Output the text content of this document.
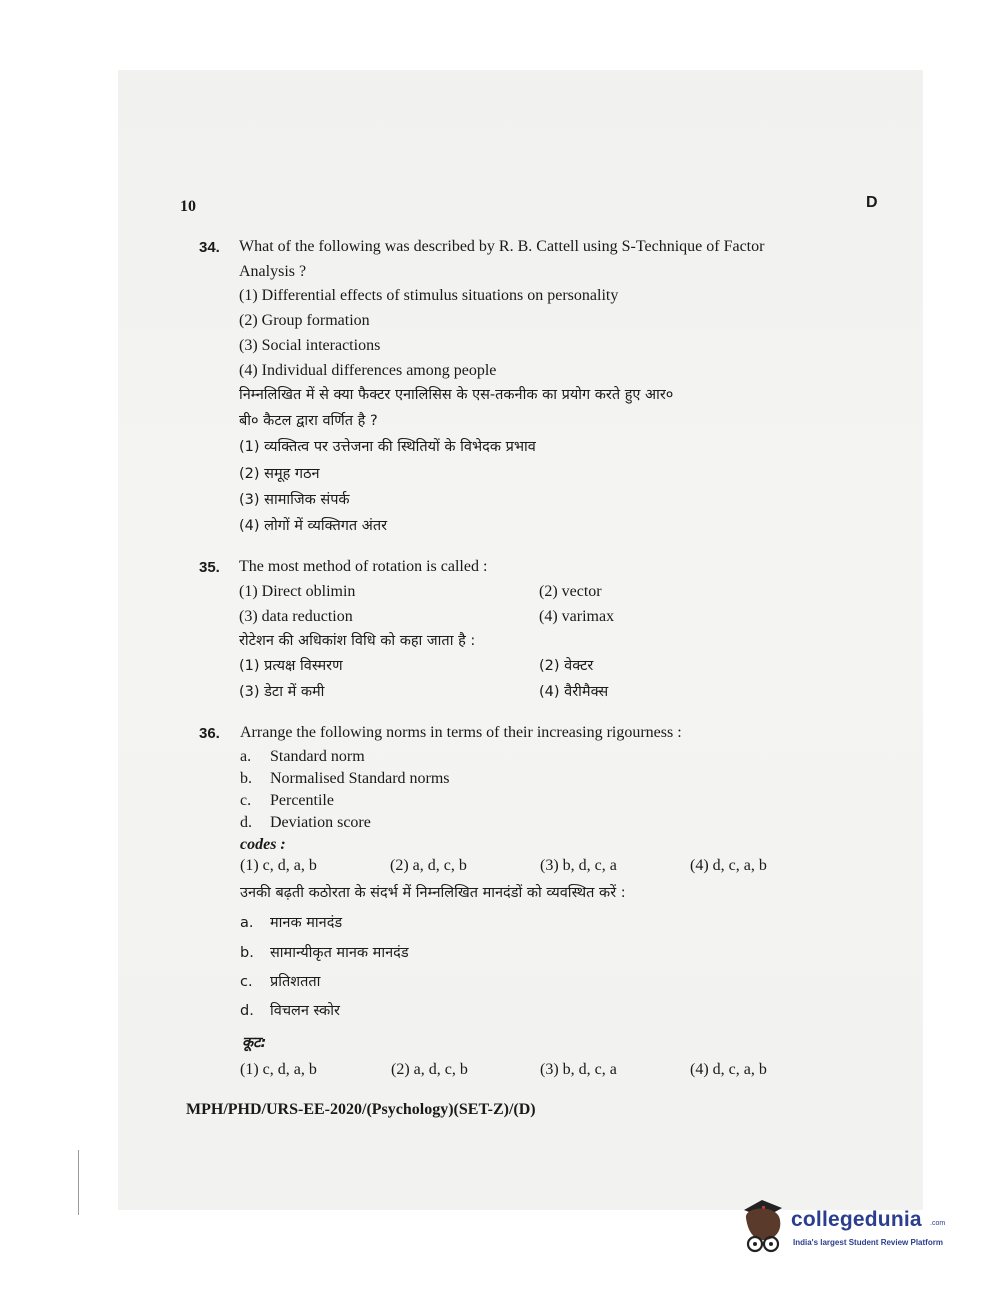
10	D
34. What of the following was described by R. B. Cattell using S-Technique of Factor
Analysis ?
(1) Differential effects of stimulus situations on personality
(2) Group formation
(3) Social interactions
(4) Individual differences among people
निम्नलिखित में से क्या फैक्टर एनालिसिस के एस-तकनीक का प्रयोग करते हुए आर०
बी० कैटल द्वारा वर्णित है ?
(1) व्यक्तित्व पर उत्तेजना की स्थितियों के विभेदक प्रभाव
(2) समूह गठन
(3) सामाजिक संपर्क
(4) लोगों में व्यक्तिगत अंतर
35. The most method of rotation is called :
(1) Direct oblimin	(2) vector
(3) data reduction	(4) varimax
रोटेशन की अधिकांश विधि को कहा जाता है :
(1) प्रत्यक्ष विस्मरण	(2) वेक्टर
(3) डेटा में कमी	(4) वैरीमैक्स
36. Arrange the following norms in terms of their increasing rigourness :
a. Standard norm
b. Normalised Standard norms
c. Percentile
d. Deviation score
codes :
(1) c, d, a, b	(2) a, d, c, b	(3) b, d, c, a	(4) d, c, a, b
उनकी बढ़ती कठोरता के संदर्भ में निम्नलिखित मानदंडों को व्यवस्थित करें :
a. मानक मानदंड
b. सामान्यीकृत मानक मानदंड
c. प्रतिशतता
d. विचलन स्कोर
कूट:
(1) c, d, a, b	(2) a, d, c, b	(3) b, d, c, a	(4) d, c, a, b
MPH/PHD/URS-EE-2020/(Psychology)(SET-Z)/(D)
collegedunia .com
India's largest Student Review Platform
